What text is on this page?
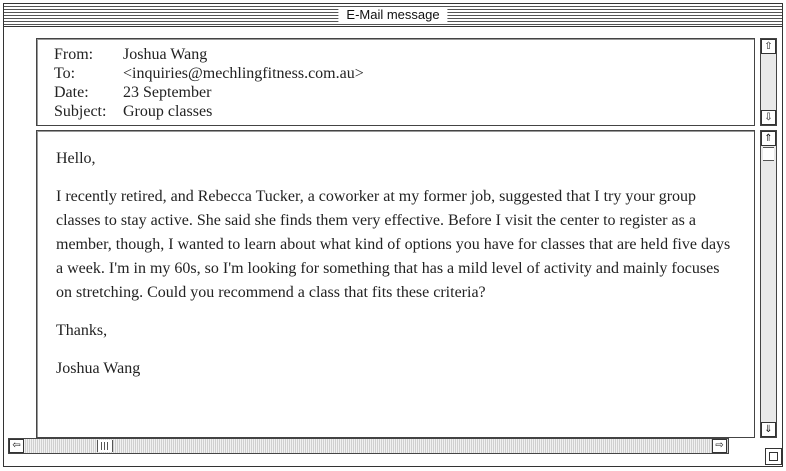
E-Mail message
From: Joshua Wang
To:	<inquiries@mechlingfitness.com.au>
Date: 23 September
Subject: Group classes
⇧
⇩

Hello,

I recently retired, and Rebecca Tucker, a coworker at my former job, suggested that I try your group classes to stay active. She said she finds them very effective. Before I visit the center to register as a member, though, I wanted to learn about what kind of options you have for classes that are held five days a week. I'm in my 60s, so I'm looking for something that has a mild level of activity and mainly focuses on stretching. Could you recommend a class that fits these criteria?

Thanks,

Joshua Wang

⇑
⇓
⇦	⇨
